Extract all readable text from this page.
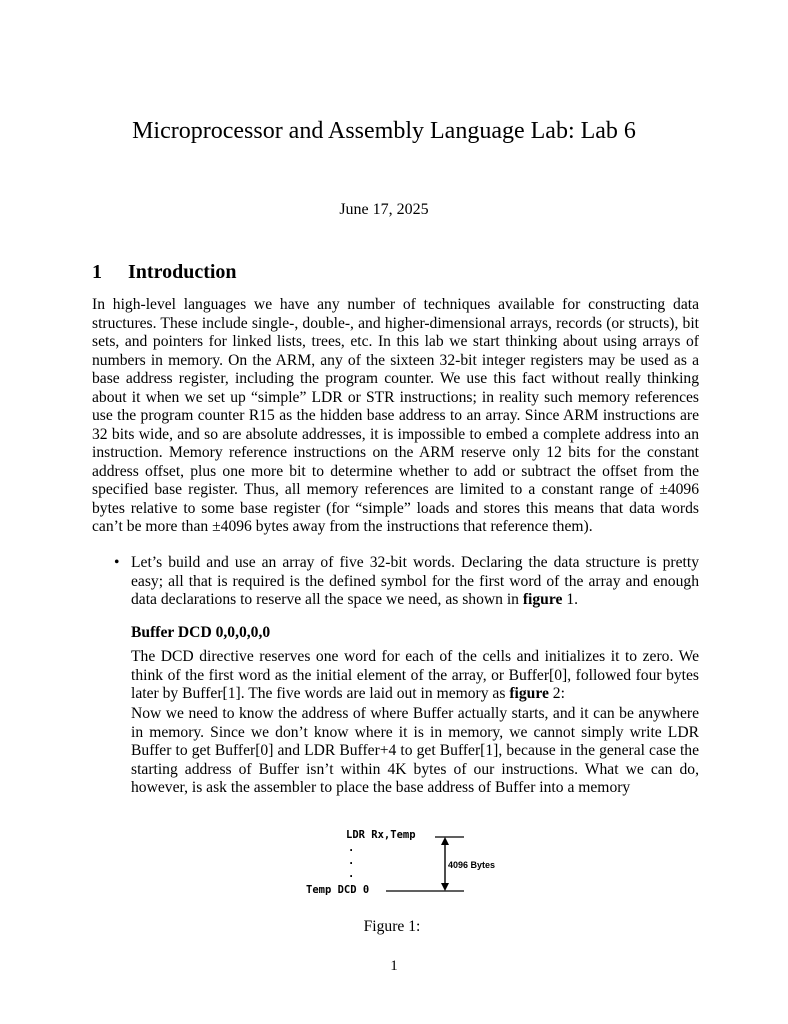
Microprocessor and Assembly Language Lab: Lab 6
June 17, 2025
1 Introduction

In high-level languages we have any number of techniques available for constructing data structures. These include single-, double-, and higher-dimensional arrays, records (or structs), bit sets, and pointers for linked lists, trees, etc. In this lab we start thinking about using arrays of numbers in memory. On the ARM, any of the sixteen 32-bit integer registers may be used as a base address register, including the program counter. We use this fact without really thinking about it when we set up “simple” LDR or STR instructions; in reality such memory references use the program counter R15 as the hidden base address to an array. Since ARM instructions are 32 bits wide, and so are absolute addresses, it is impossible to embed a complete address into an instruction. Memory reference instructions on the ARM reserve only 12 bits for the constant address offset, plus one more bit to determine whether to add or subtract the offset from the specified base register. Thus, all memory references are limited to a constant range of ±4096 bytes relative to some base register (for “simple” loads and stores this means that data words can’t be more than ±4096 bytes away from the instructions that reference them).

• Let’s build and use an array of five 32-bit words. Declaring the data structure is pretty easy; all that is required is the defined symbol for the first word of the array and enough data declarations to reserve all the space we need, as shown in figure 1.
Buffer DCD 0,0,0,0,0

The DCD directive reserves one word for each of the cells and initializes it to zero. We think of the first word as the initial element of the array, or Buffer[0], followed four bytes later by Buffer[1]. The five words are laid out in memory as figure 2:

Now we need to know the address of where Buffer actually starts, and it can be anywhere in memory. Since we don’t know where it is in memory, we cannot simply write LDR Buffer to get Buffer[0] and LDR Buffer+4 to get Buffer[1], because in the general case the starting address of Buffer isn’t within 4K bytes of our instructions. What we can do, however, is ask the assembler to place the base address of Buffer into a memory

LDR Rx,Temp
.
.
.
Temp DCD 0
4096 Bytes
Figure 1:
1
